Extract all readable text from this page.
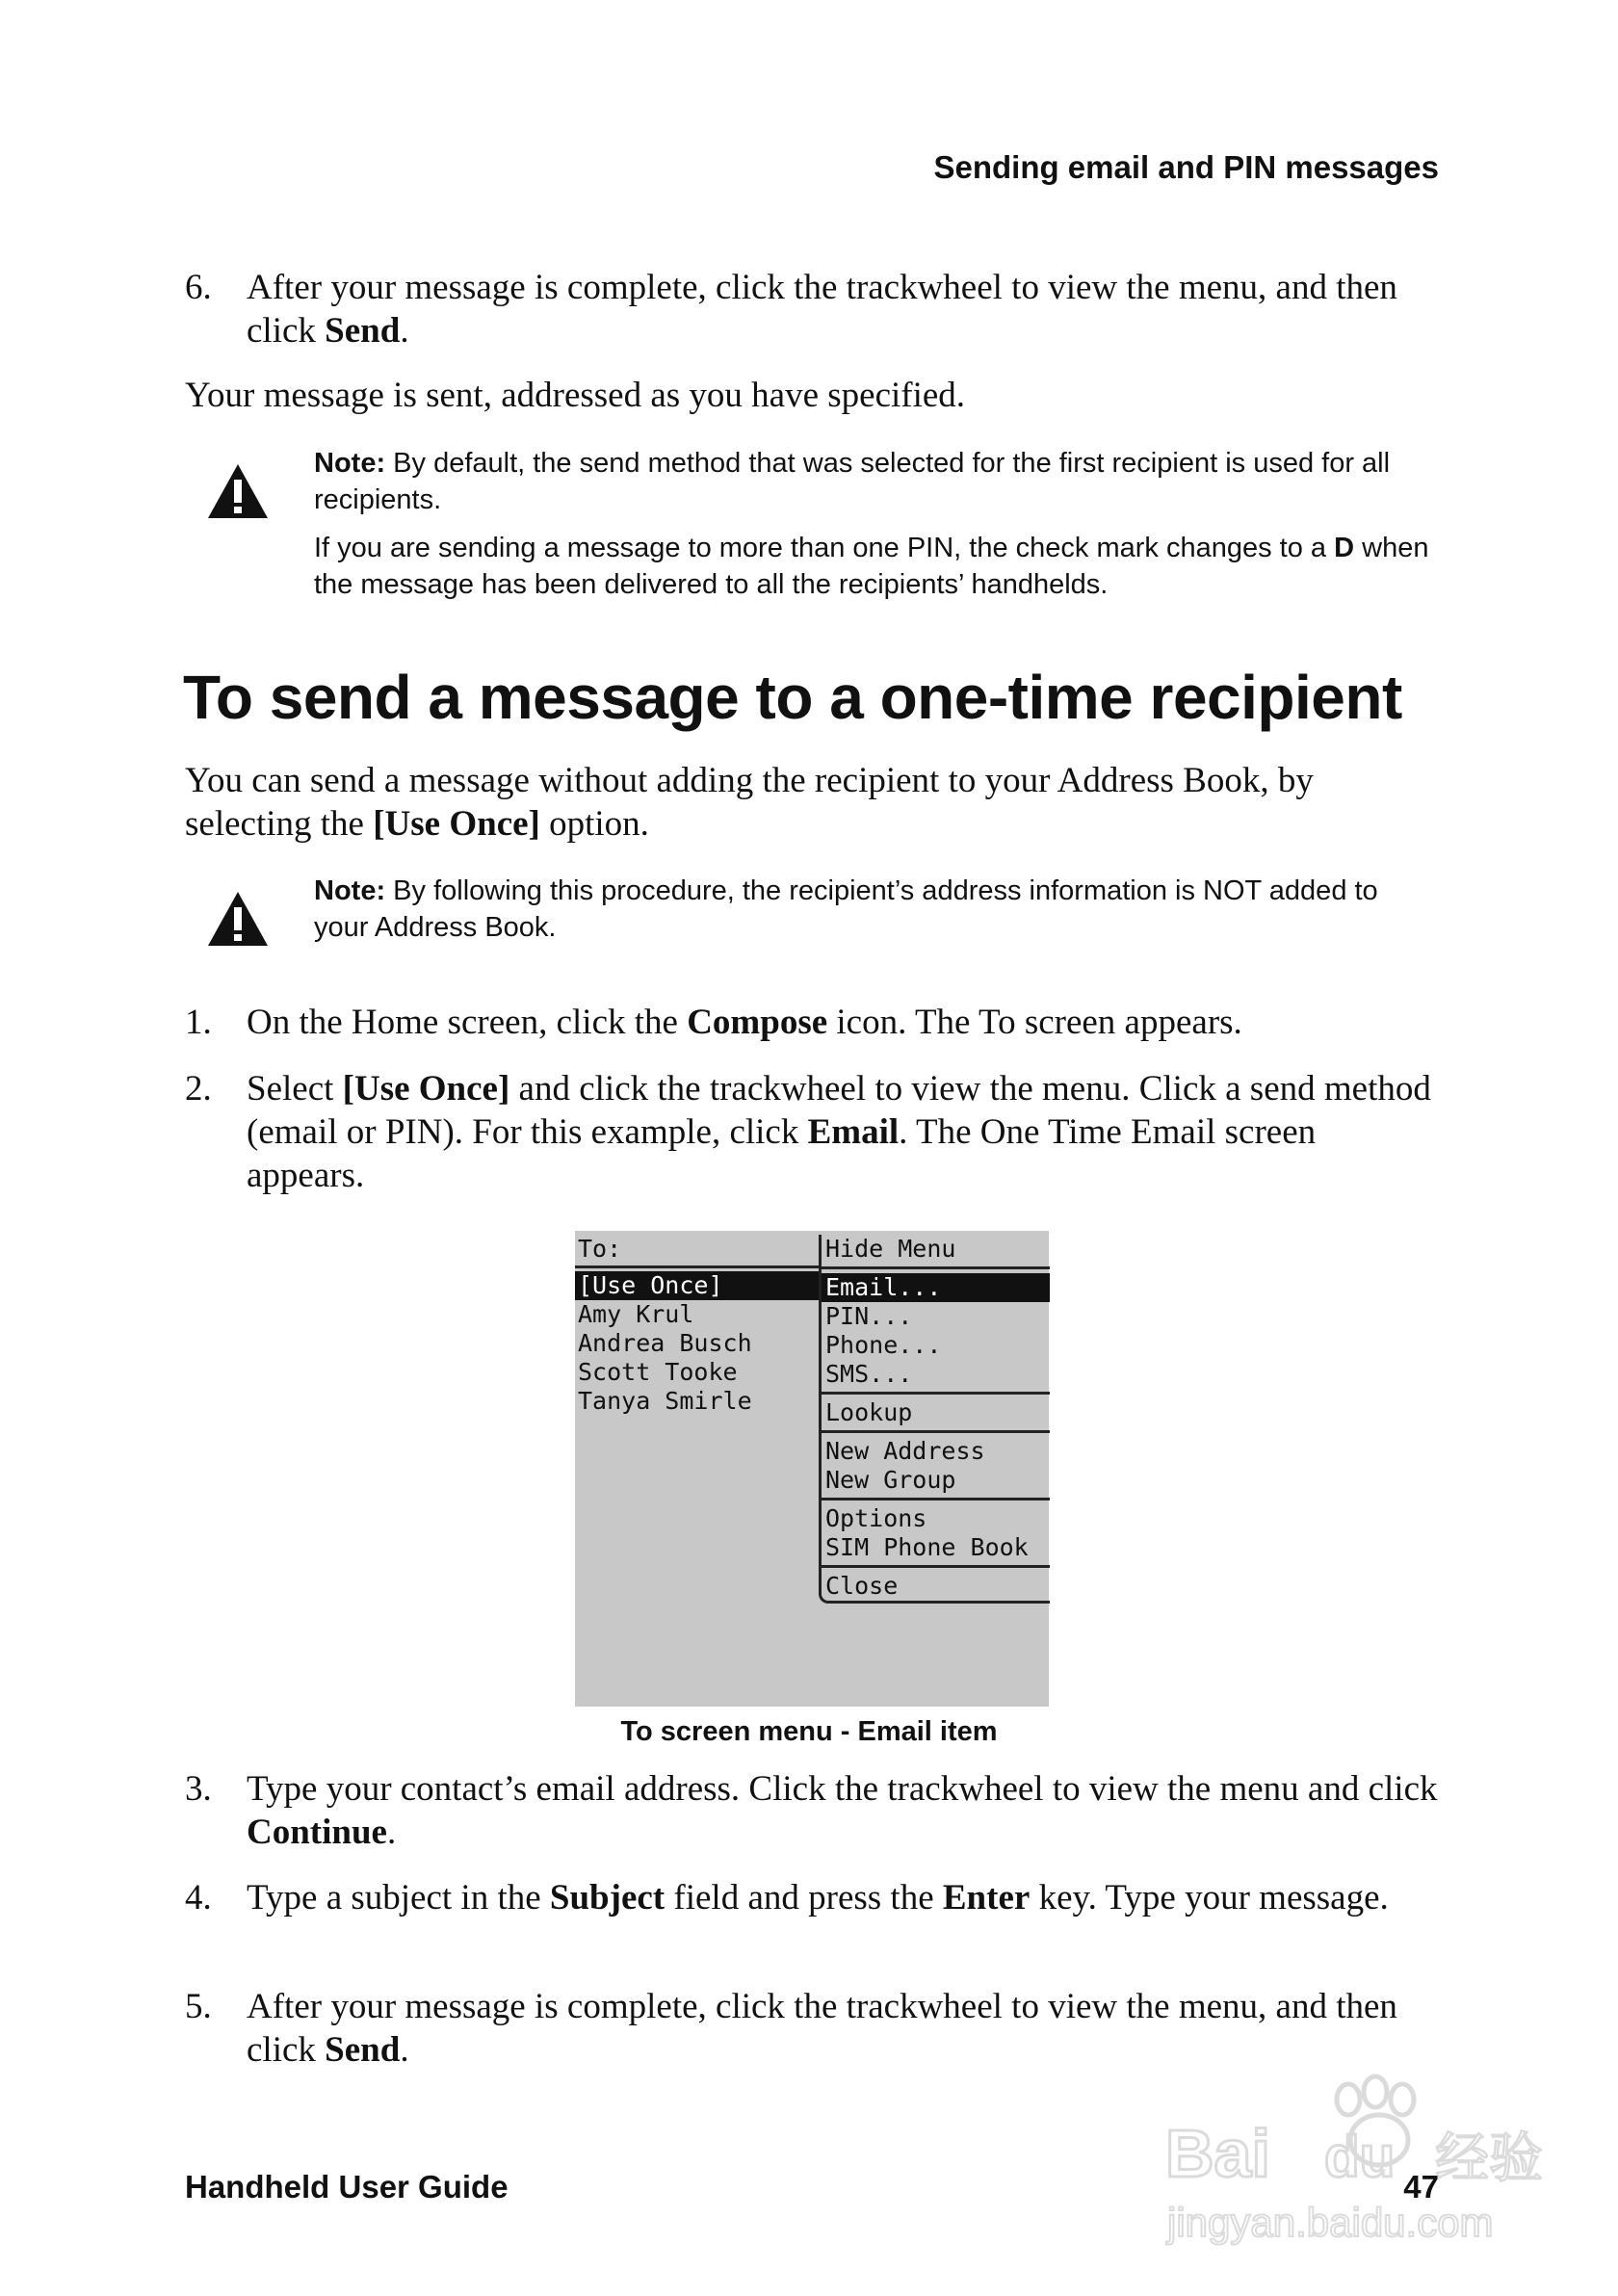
Sending email and PIN messages
6. After your message is complete, click the trackwheel to view the menu, and then click Send.
Your message is sent, addressed as you have specified.

Note: By default, the send method that was selected for the first recipient is used for all recipients.

If you are sending a message to more than one PIN, the check mark changes to a D when the message has been delivered to all the recipients’ handhelds.

To send a message to a one-time recipient
You can send a message without adding the recipient to your Address Book, by selecting the [Use Once] option.

Note: By following this procedure, the recipient’s address information is NOT added to your Address Book.

1. On the Home screen, click the Compose icon. The To screen appears.
2. Select [Use Once] and click the trackwheel to view the menu. Click a send method (email or PIN). For this example, click Email. The One Time Email screen appears.
To:
[Use Once]
Amy Krul
Andrea Busch
Scott Tooke
Tanya Smirle
Hide Menu
Email...
PIN...
Phone...
SMS...
Lookup
New Address
New Group
Options
SIM Phone Book
Close
To screen menu - Email item
3. Type your contact’s email address. Click the trackwheel to view the menu and click Continue.
4. Type a subject in the Subject field and press the Enter key. Type your message.
5. After your message is complete, click the trackwheel to view the menu, and then click Send.
Handheld User Guide	47
Bai du 经验
jingyan.baidu.com
